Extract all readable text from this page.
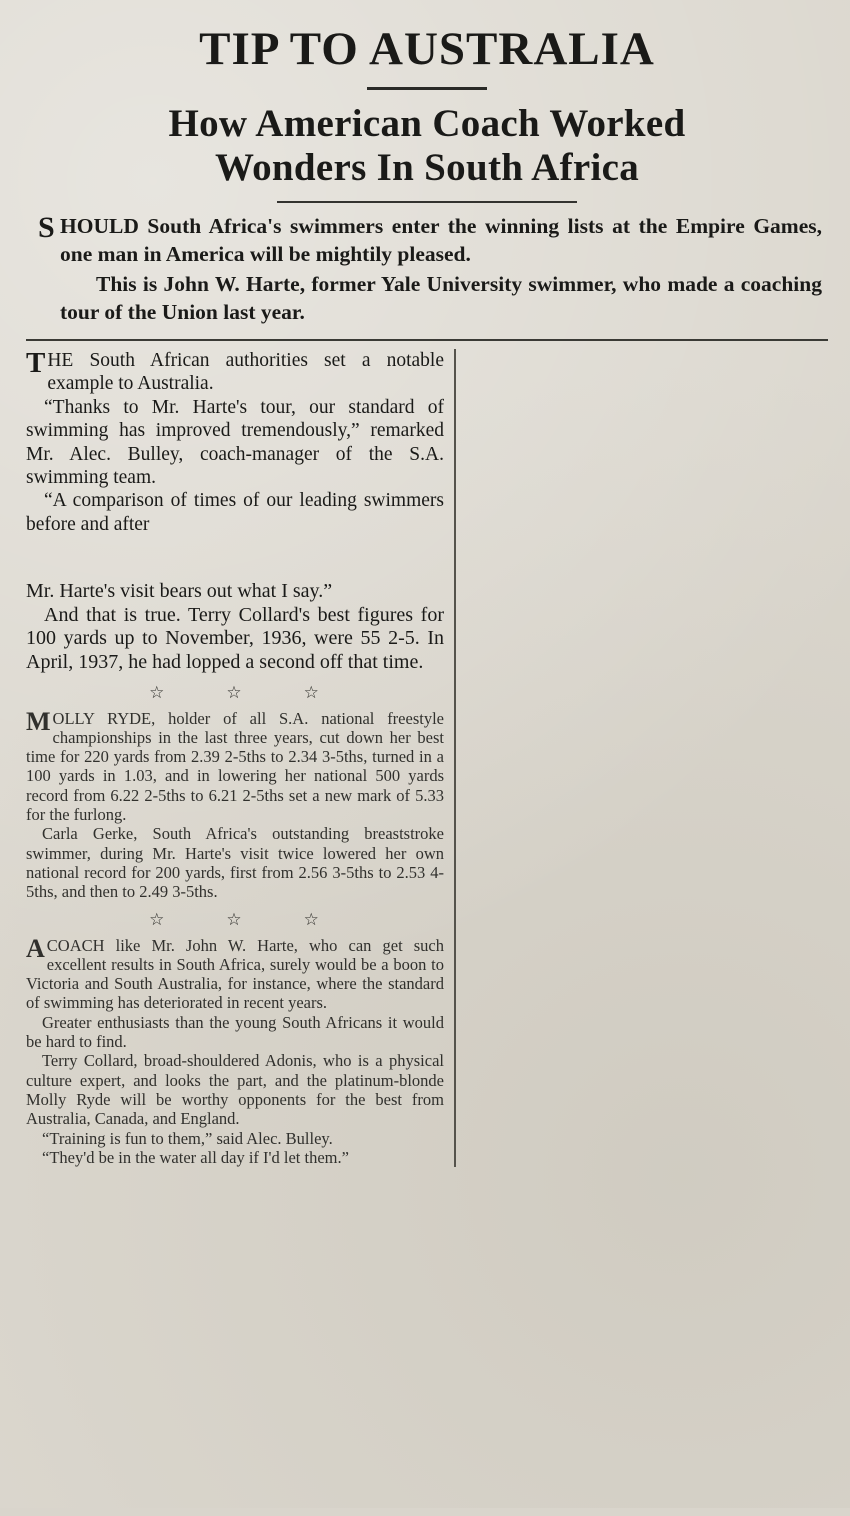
TIP TO AUSTRALIA
How American Coach Worked
Wonders In South Africa

S HOULD South Africa's swimmers enter the winning lists at the Empire Games, one man in America will be mightily pleased.

This is John W. Harte, former Yale University swimmer, who made a coaching tour of the Union last year.

T HE South African authorities set a notable example to Australia.

“Thanks to Mr. Harte's tour, our standard of swimming has improved tremendously,” remarked Mr. Alec. Bulley, coach-manager of the S.A. swimming team.

“A comparison of times of our leading swimmers before and after

Mr. Harte's visit bears out what I say.”

And that is true. Terry Collard's best figures for 100 yards up to November, 1936, were 55 2-5. In April, 1937, he had lopped a second off that time.

☆☆☆

MOLLY RYDE, holder of all S.A. national freestyle championships in the last three years, cut down her best time for 220 yards from 2.39 2-5ths to 2.34 3-5ths, turned in a 100 yards in 1.03, and in lowering her national 500 yards record from 6.22 2-5ths to 6.21 2-5ths set a new mark of 5.33 for the furlong.

Carla Gerke, South Africa's outstanding breaststroke swimmer, during Mr. Harte's visit twice lowered her own national record for 200 yards, first from 2.56 3-5ths to 2.53 4-5ths, and then to 2.49 3-5ths.

☆☆☆

ACOACH like Mr. John W. Harte, who can get such excellent results in South Africa, surely would be a boon to Victoria and South Australia, for instance, where the standard of swimming has deteriorated in recent years.

Greater enthusiasts than the young South Africans it would be hard to find.

Terry Collard, broad-shouldered Adonis, who is a physical culture expert, and looks the part, and the platinum-blonde Molly Ryde will be worthy opponents for the best from Australia, Canada, and England.

“Training is fun to them,” said Alec. Bulley.

“They'd be in the water all day if I'd let them.”
